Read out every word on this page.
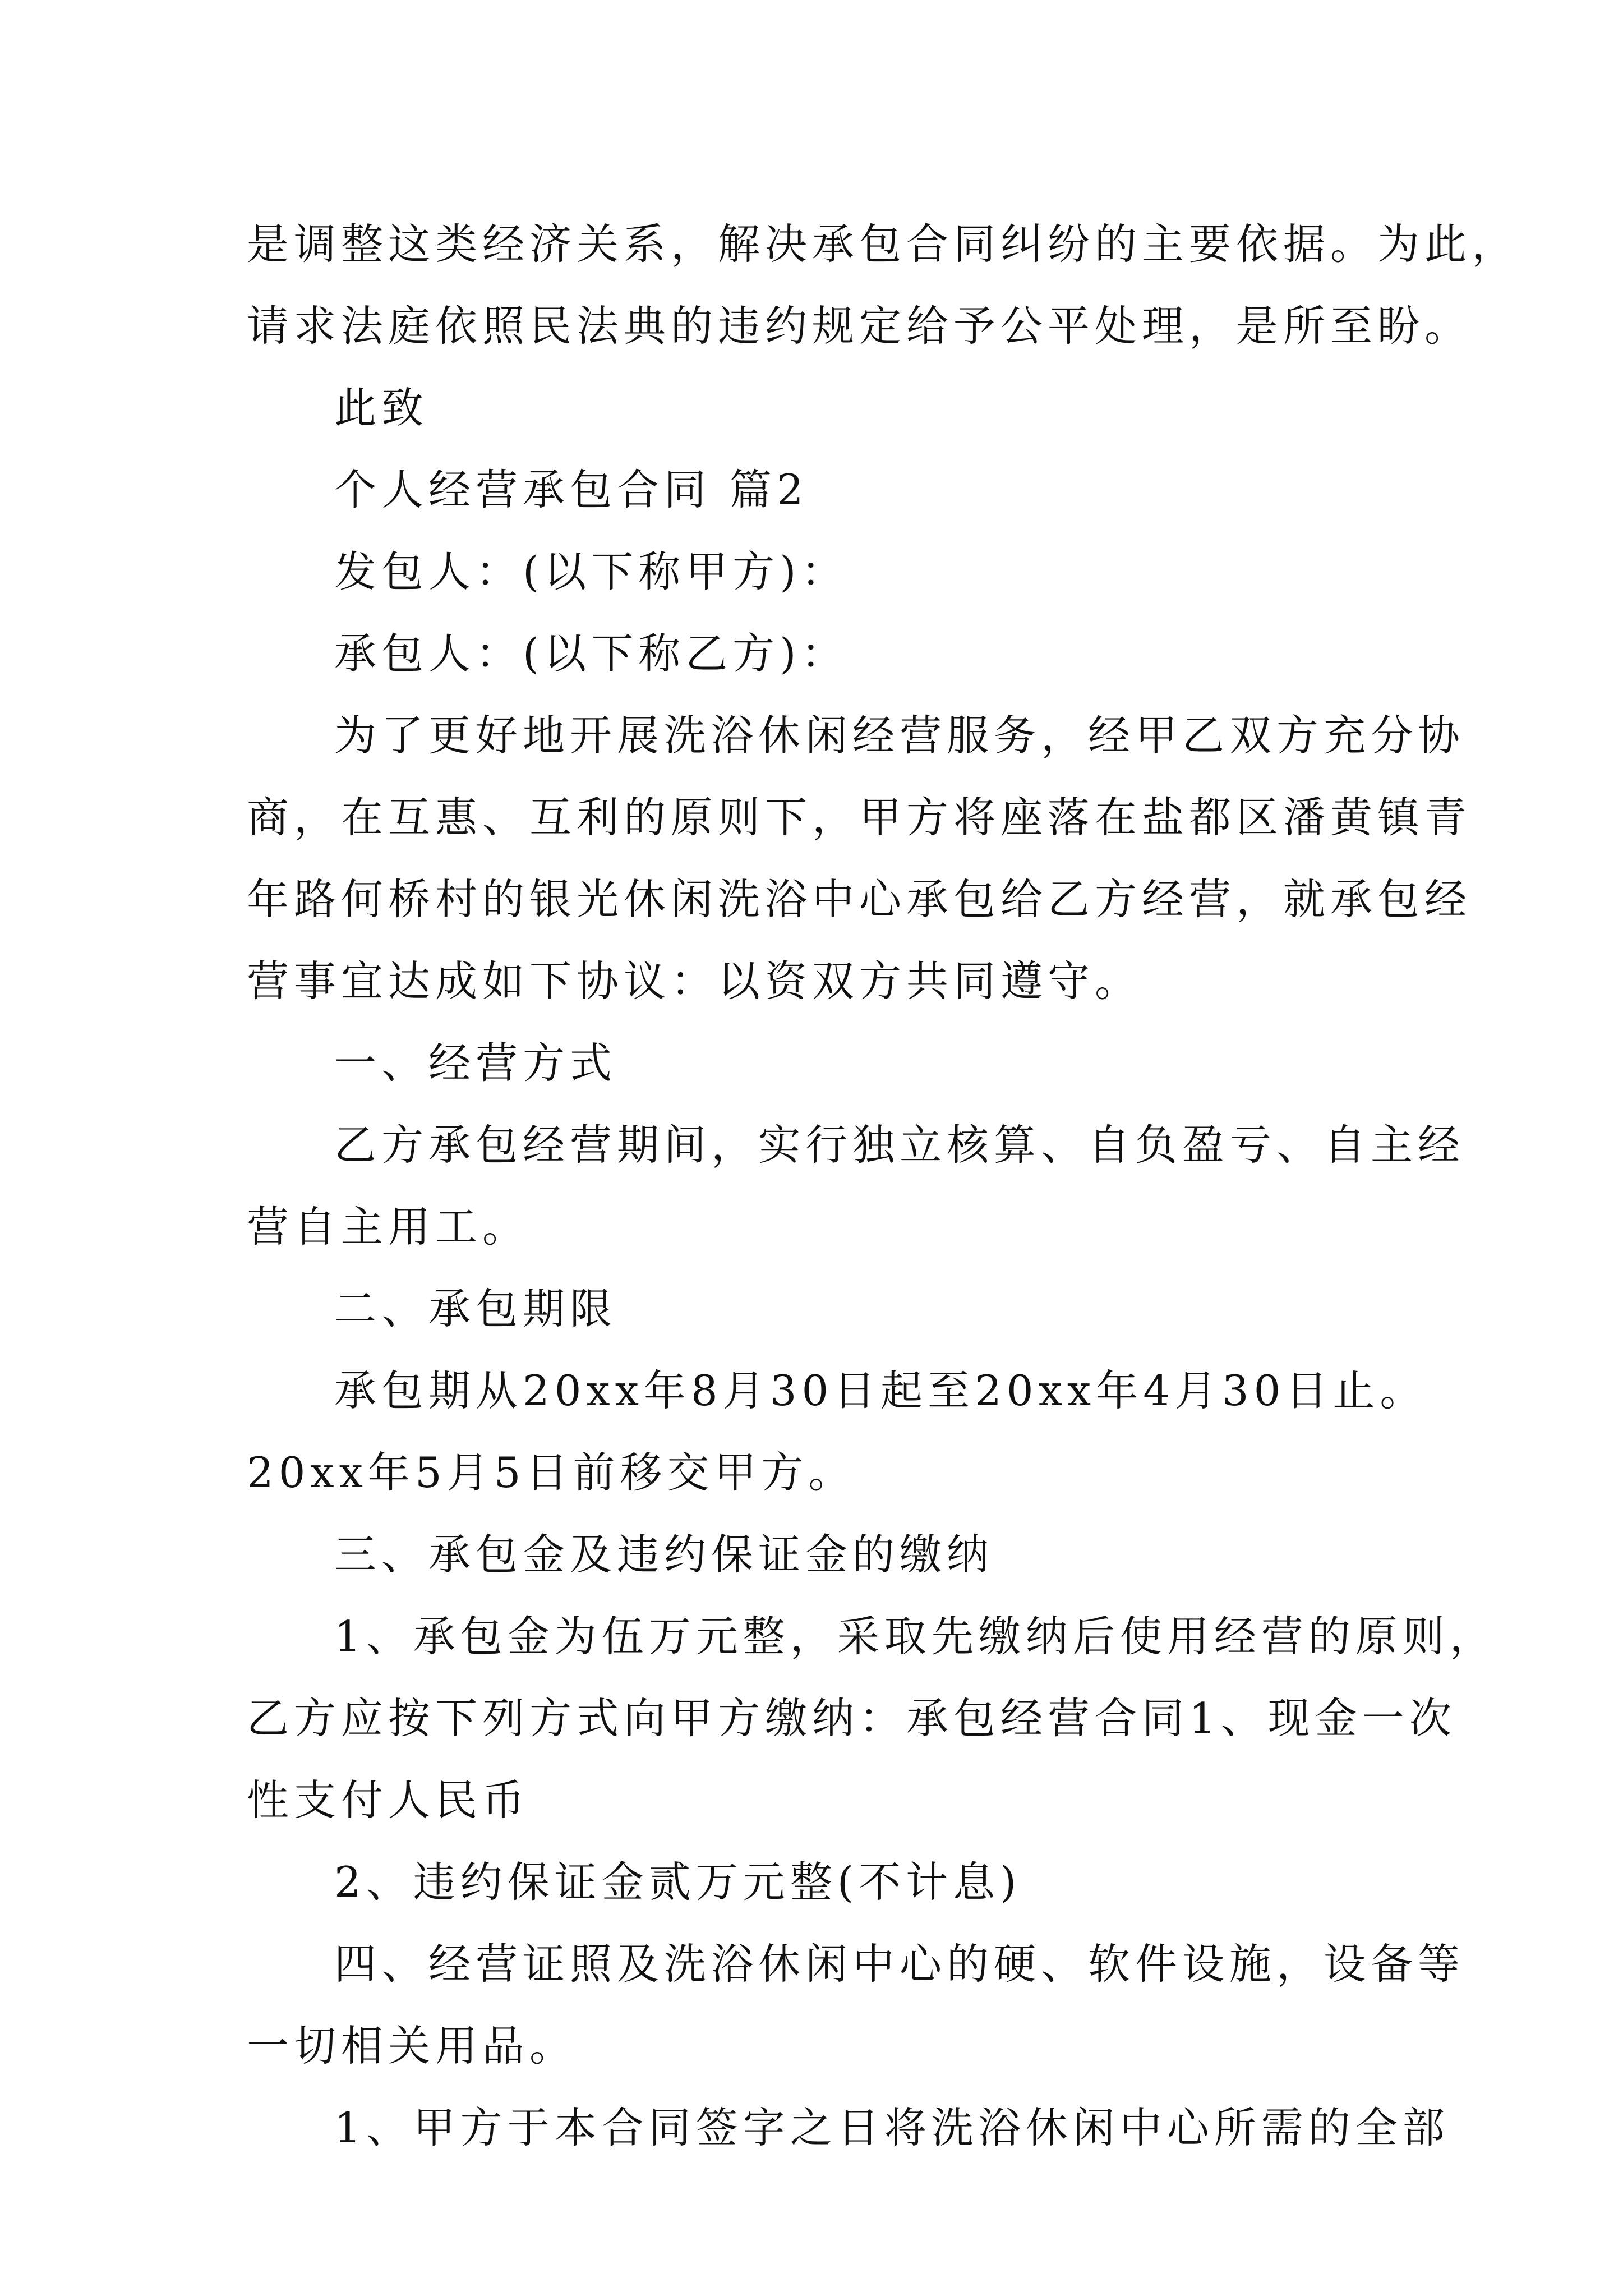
是调整这类经济关系，解决承包合同纠纷的主要依据。为此，
请求法庭依照民法典的违约规定给予公平处理，是所至盼。
此致
个人经营承包合同 篇2
发包人：(以下称甲方)：
承包人：(以下称乙方)：
为了更好地开展洗浴休闲经营服务，经甲乙双方充分协
商，在互惠、互利的原则下，甲方将座落在盐都区潘黄镇青
年路何桥村的银光休闲洗浴中心承包给乙方经营，就承包经
营事宜达成如下协议：以资双方共同遵守。
一、经营方式
乙方承包经营期间，实行独立核算、自负盈亏、自主经
营自主用工。
二、承包期限
承包期从20xx年8月30日起至20xx年4月30日止。
20xx年5月5日前移交甲方。
三、承包金及违约保证金的缴纳
1、承包金为伍万元整，采取先缴纳后使用经营的原则，
乙方应按下列方式向甲方缴纳：承包经营合同1、现金一次
性支付人民币
2、违约保证金贰万元整(不计息)
四、经营证照及洗浴休闲中心的硬、软件设施，设备等
一切相关用品。
1、甲方于本合同签字之日将洗浴休闲中心所需的全部
